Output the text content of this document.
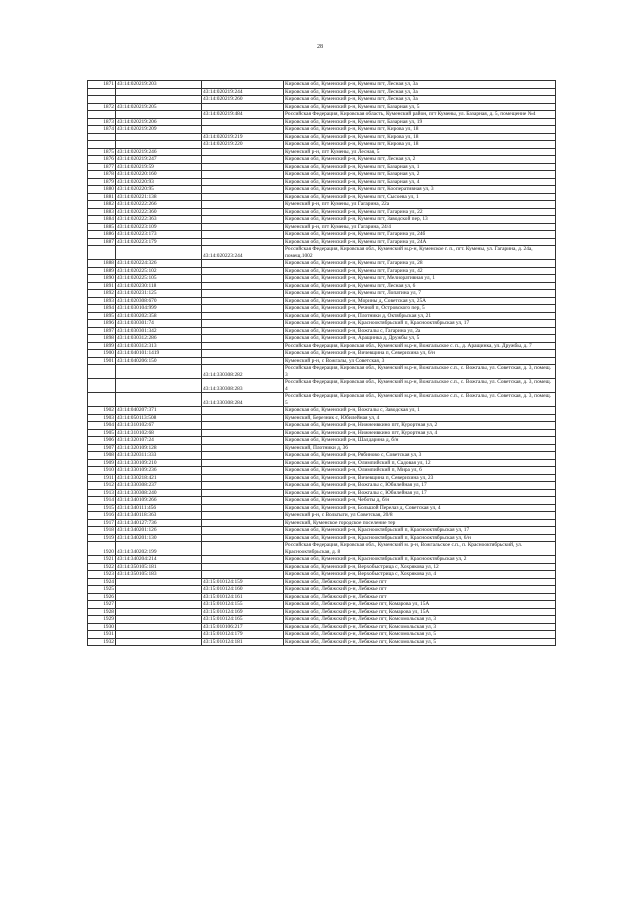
28
1871	43:14:020219:203		Кировская обл, Куменский р-н, Кумены пгт, Лесная ул, 3а
		43:14:020219:244	Кировская обл, Куменский р-н, Кумены пгт, Лесная ул, 3а
		43:14:020219:260	Кировская обл, Куменский р-н, Кумены пгт, Лесная ул, 3а
1872	43:14:020219:205		Кировская обл, Куменский р-н, Кумены пгт, Базарная ул, 5
		43:14:020219:484	Российская Федерация, Кировская область, Куменский район, пгт Кумены, ул. Базарная, д. 5, помещение №4
1873	43:14:020219:206		Кировская обл, Куменский р-н, Кумены пгт, Базарная ул, 19
1874	43:14:020219:209		Кировская обл, Куменский р-н, Кумены пгт, Кирова ул, 18
		43:14:020219:219	Кировская обл, Куменский р-н, Кумены пгт, Кирова ул, 18
		43:14:020219:220	Кировская обл, Куменский р-н, Кумены пгт, Кирова ул, 18
1875	43:14:020219:246		Куменский р-н, пгт Кумены, ул Лесная, 5
1876	43:14:020219:247		Кировская обл, Куменский р-н, Кумены пгт, Лесная ул, 2
1877	43:14:020219:59		Кировская обл, Куменский р-н, Кумены пгт, Базарная ул, 1
1878	43:14:020220:160		Кировская обл, Куменский р-н, Кумены пгт, Базарная ул, 2
1879	43:14:020220:93		Кировская обл, Куменский р-н, Кумены пгт, Базарная ул, 4
1880	43:14:020220:95		Кировская обл, Куменский р-н, Кумены пгт, Кооперативная ул, 3
1881	43:14:020221:138		Кировская обл, Куменский р-н, Кумены пгт, Сысоева ул, 1
1882	43:14:020222:266		Куменский р-н, пгт Кумены, ул Гагарина, 22а
1883	43:14:020222:360		Кировская обл, Куменский р-н, Кумены пгт, Гагарина ул, 22
1884	43:14:020222:363		Кировская обл, Куменский р-н, Кумены пгт, Заводской пер, 13
1885	43:14:020223:109		Куменский р-н, пгт Кумены, ул Гагарина, 24/4
1886	43:14:020223:173		Кировская обл, Куменский р-н, Кумены пгт, Гагарина ул, 24б
1887	43:14:020223:179		Кировская обл, Куменский р-н, Кумены пгт, Гагарина ул, 24А
		43:14:020223:244	Российская Федерация, Кировская обл., Куменский м.р-н, Куменское г. п., пгт. Кумены, ул. Гагарина, д. 24а, помещ.1002
1888	43:14:020224:326		Кировская обл, Куменский р-н, Кумены пгт, Гагарина ул, 28
1889	43:14:020225:102		Кировская обл, Куменский р-н, Кумены пгт, Гагарина ул, 42
1890	43:14:020225:105		Кировская обл, Куменский р-н, Кумены пгт, Мелиоративная ул, 1
1891	43:14:020230:118		Кировская обл, Куменский р-н, Кумены пгт, Лесная ул, 6
1892	43:14:020231:125		Кировская обл, Куменский р-н, Кумены пгт, Лопатина ул, 7
1893	43:14:020308:670		Кировская обл, Куменский р-н, Морины д, Советская ул, 25А
1894	43:14:030104:999		Кировская обл, Куменский р-н, Речной п, Островского пер, 5
1895	43:14:030202:358		Кировская обл, Куменский р-н, Плотники д, Октябрьская ул, 21
1896	43:14:030301:74		Кировская обл, Куменский р-н, Краснооктябрьский п, Краснооктябрьская ул, 17
1897	43:14:030301:342		Кировская обл, Куменский р-н, Вожгалы с, Гагарина ул, 2а
1898	43:14:030312:286		Кировская обл, Куменский р-н, Аращинка д, Дружбы ул, 5
1899	43:14:030312:313		Российская Федерация, Кировская обл., Куменский м.р-н, Вожгальское с. п., д. Аращинка, ул. Дружбы, д. 7
1900	43:14:040101:1419		Кировская обл, Куменский р-н, Вичевщина п, Северихина ул, 6/н
1901	43:14:040206:150		Куменский р-н, с Вожгалы, ул Советская, 3
		43:14:330308:282	Российская Федерация, Кировская обл., Куменский м.р-н, Вожгальское с.п., с. Вожгалы, ул. Советская, д. 3, помещ. 3
		43:14:330308:283	Российская Федерация, Кировская обл., Куменский м.р-н, Вожгальское с.п., с. Вожгалы, ул. Советская, д. 3, помещ. 4
		43:14:330308:284	Российская Федерация, Кировская обл., Куменский м.р-н, Вожгальское с.п., с. Вожгалы, ул. Советская, д. 3, помещ. 5
1902	43:14:040207:371		Кировская обл, Куменский р-н, Вожгалы с, Заводская ул, 1
1903	43:14:050113:508		Куменский, Березник с, Юбилейная ул, 4
1904	43:14:310102:67		Кировская обл, Куменский р-н, Нижнеивкино пгт, Курортная ул, 2
1905	43:14:310102:68		Кировская обл, Куменский р-н, Нижнеивкино пгт, Курортная ул, 4
1906	43:14:320107:24		Кировская обл, Куменский р-н, Шалдарина д, б/н
1907	43:14:320109:128		Куменский, Плотники д, 36
1908	43:14:320311:333		Кировская обл, Куменский р-н, Рябиново с, Советская ул, 3
1909	43:14:330109:210		Кировская обл, Куменский р-н, Олимпийский п, Садовая ул, 12
1910	43:14:330109:236		Кировская обл, Куменский р-н, Олимпийский п, Мира ул, 6
1911	43:14:330218:421		Кировская обл, Куменский р-н, Вичевщина п, Северихина ул, 23
1912	43:14:330308:237		Кировская обл, Куменский р-н, Вожгалы с, Юбилейная ул, 17
1913	43:14:330308:240		Кировская обл, Куменский р-н, Вожгалы с, Юбилейная ул, 17
1914	43:14:340109:266		Кировская обл, Куменский р-н, Чеботы д, б/н
1915	43:14:340111:456		Кировская обл, Куменский р-н, Большой Перелаз д, Советская ул, 4
1916	43:14:340118:363		Куменский р-н, с Вольтыги, ул Советская, 20/8
1917	43:14:340127:736		Куменский, Куменское городское поселение тер
1918	43:14:340201:126		Кировская обл, Куменский р-н, Краснооктябрьский п, Краснооктябрьская ул, 17
1919	43:14:340201:130		Кировская обл, Куменский р-н, Краснооктябрьский п, Краснооктябрьская ул, 6/н
1920	43:14:340202:199		Российская Федерация, Кировская обл., Куменский м. р-н, Вожгальское с.п., п. Краснооктябрьский, ул. Краснооктябрьская, д. 8
1921	43:14:340204:214		Кировская обл, Куменский р-н, Краснооктябрьский п, Краснооктябрьская ул, 2
1922	43:14:350105:181		Кировская обл, Куменский р-н, Верхобыстрица с, Хохрякова ул, 12
1923	43:14:350105:183		Кировская обл, Куменский р-н, Верхобыстрица с, Хохрякова ул, 4
1924		43:15:010124:159	Кировская обл, Лебяжский р-н, Лебяжье пгт
1925		43:15:010124:160	Кировская обл, Лебяжский р-н, Лебяжье пгт
1926		43:15:010124:161	Кировская обл, Лебяжский р-н, Лебяжье пгт
1927		43:15:010124:155	Кировская обл, Лебяжский р-н, Лебяжье пгт, Комарова ул, 15А
1928		43:15:010124:169	Кировская обл, Лебяжский р-н, Лебяжье пгт, Комарова ул, 15А
1929		43:15:010124:165	Кировская обл, Лебяжский р-н, Лебяжье пгт, Комсомольская ул, 3
1930		43:15:010106:217	Кировская обл, Лебяжский р-н, Лебяжье пгт, Комсомольская ул, 3
1931		43:15:010124:179	Кировская обл, Лебяжский р-н, Лебяжье пгт, Комсомольская ул, 5
1932		43:15:010124:181	Кировская обл, Лебяжский р-н, Лебяжье пгт, Комсомольская ул, 5
